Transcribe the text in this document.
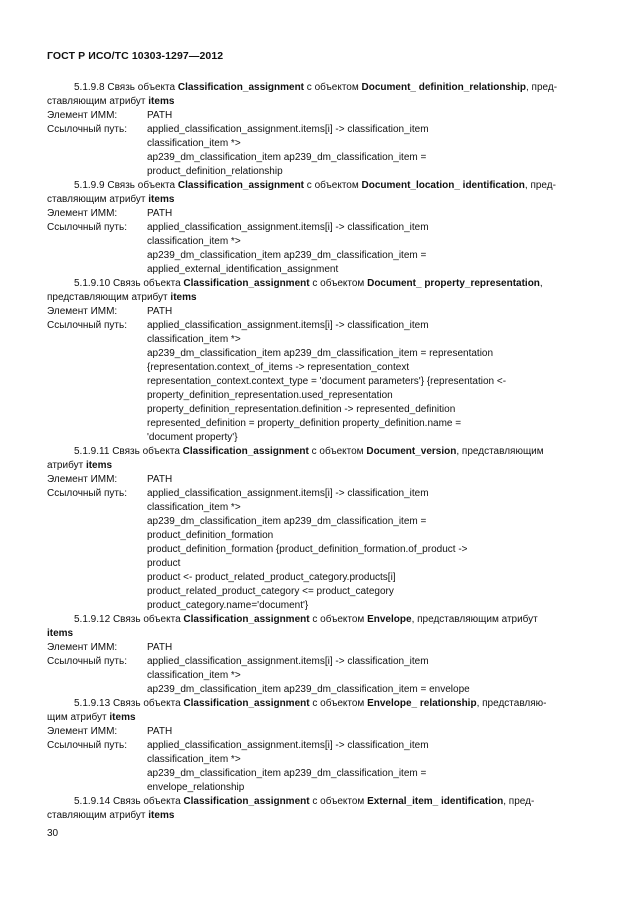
ГОСТ Р ИСО/ТС 10303-1297—2012
5.1.9.8 Связь объекта Classification_assignment с объектом Document_ definition_relationship, пред-
ставляющим атрибут items
Элемент ИММ:	PATH
Ссылочный путь:	applied_classification_assignment.items[i] -> classification_item
classification_item *>
ap239_dm_classification_item ap239_dm_classification_item =
product_definition_relationship
5.1.9.9 Связь объекта Classification_assignment с объектом Document_location_ identification, пред-
ставляющим атрибут items
Элемент ИММ:	PATH
Ссылочный путь:	applied_classification_assignment.items[i] -> classification_item
classification_item *>
ap239_dm_classification_item ap239_dm_classification_item =
applied_external_identification_assignment
5.1.9.10 Связь объекта Classification_assignment с объектом Document_ property_representation,
представляющим атрибут items
Элемент ИММ:	PATH
Ссылочный путь:	applied_classification_assignment.items[i] -> classification_item
classification_item *>
ap239_dm_classification_item ap239_dm_classification_item = representation
{representation.context_of_items -> representation_context
representation_context.context_type = 'document parameters'} {representation <-
property_definition_representation.used_representation
property_definition_representation.definition -> represented_definition
represented_definition = property_definition property_definition.name =
'document property'}
5.1.9.11 Связь объекта Classification_assignment с объектом Document_version, представляющим
атрибут items
Элемент ИММ:	PATH
Ссылочный путь:	applied_classification_assignment.items[i] -> classification_item
classification_item *>
ap239_dm_classification_item ap239_dm_classification_item =
product_definition_formation
product_definition_formation {product_definition_formation.of_product ->
product
product <- product_related_product_category.products[i]
product_related_product_category <= product_category
product_category.name='document'}
5.1.9.12 Связь объекта Classification_assignment с объектом Envelope, представляющим атрибут
items
Элемент ИММ:	PATH
Ссылочный путь:	applied_classification_assignment.items[i] -> classification_item
classification_item *>
ap239_dm_classification_item ap239_dm_classification_item = envelope
5.1.9.13 Связь объекта Classification_assignment с объектом Envelope_ relationship, представляю-
щим атрибут items
Элемент ИММ:	PATH
Ссылочный путь:	applied_classification_assignment.items[i] -> classification_item
classification_item *>
ap239_dm_classification_item ap239_dm_classification_item =
envelope_relationship
5.1.9.14 Связь объекта Classification_assignment с объектом External_item_ identification, пред-
ставляющим атрибут items
30
